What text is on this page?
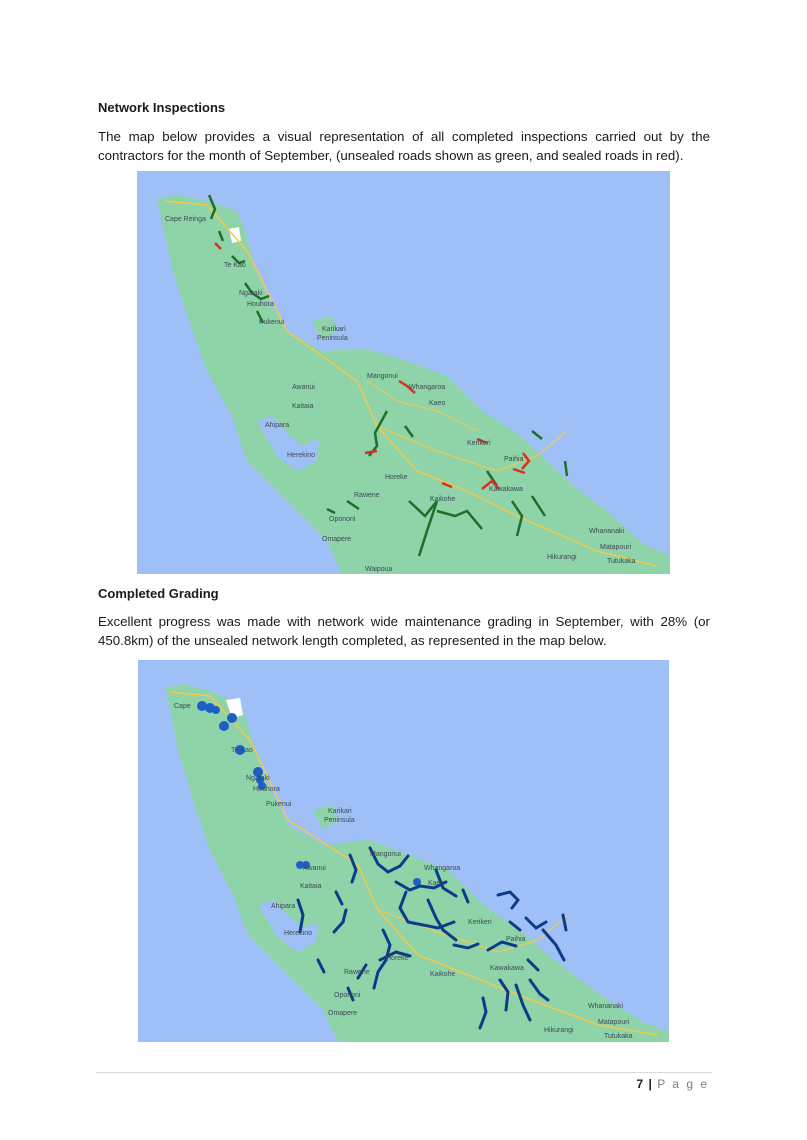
Network Inspections
The map below provides a visual representation of all completed inspections carried out by the contractors for the month of September, (unsealed roads shown as green, and sealed roads in red).
Cape Reinga
Te Kao
Ngataki
Houhora
Pukenui
Karikari
Peninsula
Mangonui
Whangaroa
Kaeo
Awanui
Kaitaia
Ahipara
Herekino
Kerikeri
Paihia
Horeke
Rawene
Kaikohe
Kawakawa
Opononi
Omapere
Whananaki
Matapouri
Hikurangi
Tutukaka
Waipoua
Completed Grading
Excellent progress was made with network wide maintenance grading in September, with 28% (or 450.8km) of the unsealed network length completed, as represented in the map below.
Cape
Te Kao
Ngataki
Houhora
Pukenui
Karikari
Peninsula
Mangonui
Whangaroa
Kaeo
Awanui
Kaitaia
Ahipara
Herekino
Kerikeri
Paihia
Horeke
Rawene	Kaikohe
Kawakawa
Opononi
Omapere
Whananaki
Matapouri
Hikurangi
Tutukaka
7 | P a g e
